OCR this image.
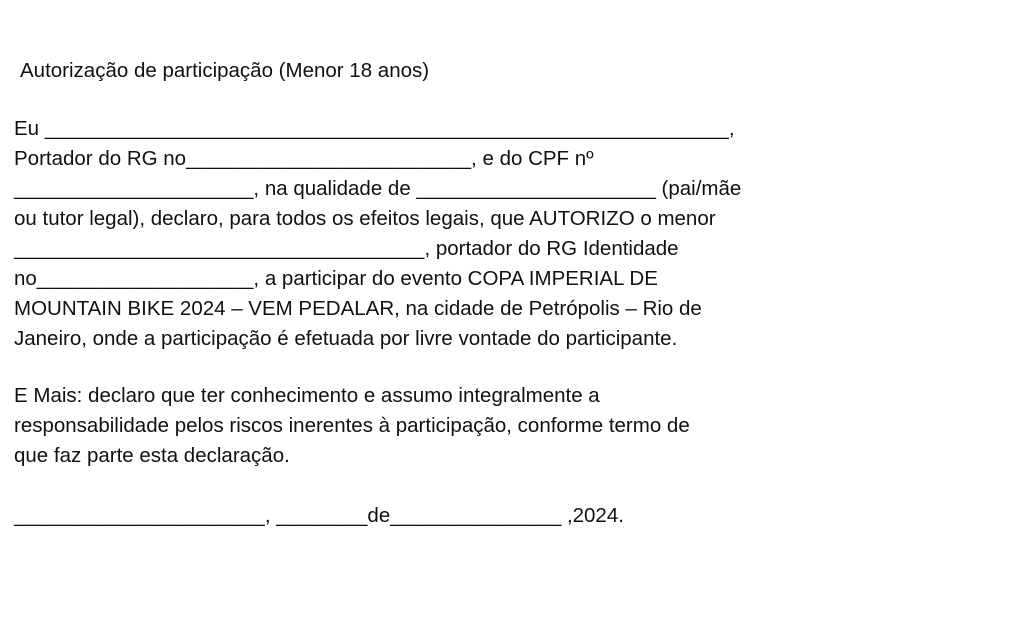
Autorização de participação (Menor 18 anos)
Eu ____________________________________________________________,
Portador do RG no_________________________, e do CPF nº
_____________________, na qualidade de _____________________ (pai/mãe
ou tutor legal), declaro, para todos os efeitos legais, que AUTORIZO o menor
____________________________________, portador do RG Identidade
no___________________, a participar do evento COPA IMPERIAL DE
MOUNTAIN BIKE 2024 – VEM PEDALAR, na cidade de Petrópolis – Rio de
Janeiro, onde a participação é efetuada por livre vontade do participante.
E Mais: declaro que ter conhecimento e assumo integralmente a
responsabilidade pelos riscos inerentes à participação, conforme termo de
que faz parte esta declaração.
______________________, ________de_______________ ,2024.
